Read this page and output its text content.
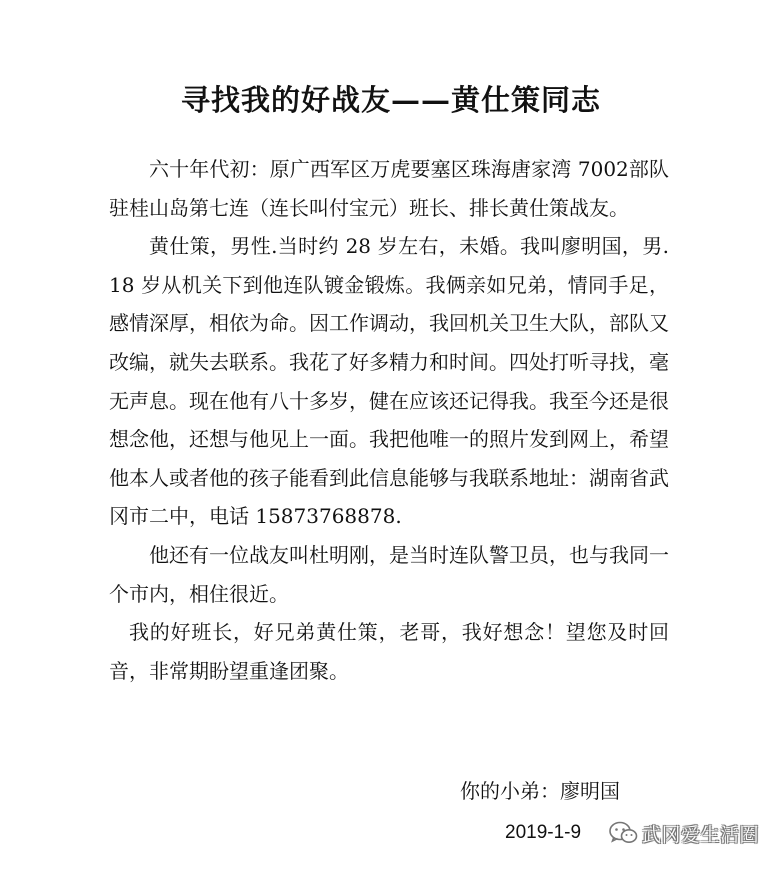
寻找我的好战友——黄仕策同志

六十年代初：原广西军区万虎要塞区珠海唐家湾 7002部队驻桂山岛第七连（连长叫付宝元）班长、排长黄仕策战友。

黄仕策，男性.当时约 28 岁左右，未婚。我叫廖明国，男.18 岁从机关下到他连队镀金锻炼。我俩亲如兄弟，情同手足，感情深厚，相依为命。因工作调动，我回机关卫生大队，部队又改编，就失去联系。我花了好多精力和时间。四处打听寻找，毫无声息。现在他有八十多岁，健在应该还记得我。我至今还是很想念他，还想与他见上一面。我把他唯一的照片发到网上，希望他本人或者他的孩子能看到此信息能够与我联系地址：湖南省武冈市二中，电话 15873768878.

他还有一位战友叫杜明刚，是当时连队警卫员，也与我同一个市内，相住很近。

我的好班长，好兄弟黄仕策，老哥，我好想念！望您及时回音，非常期盼望重逢团聚。

你的小弟：廖明国
2019-1-9	武冈爱生活圈
